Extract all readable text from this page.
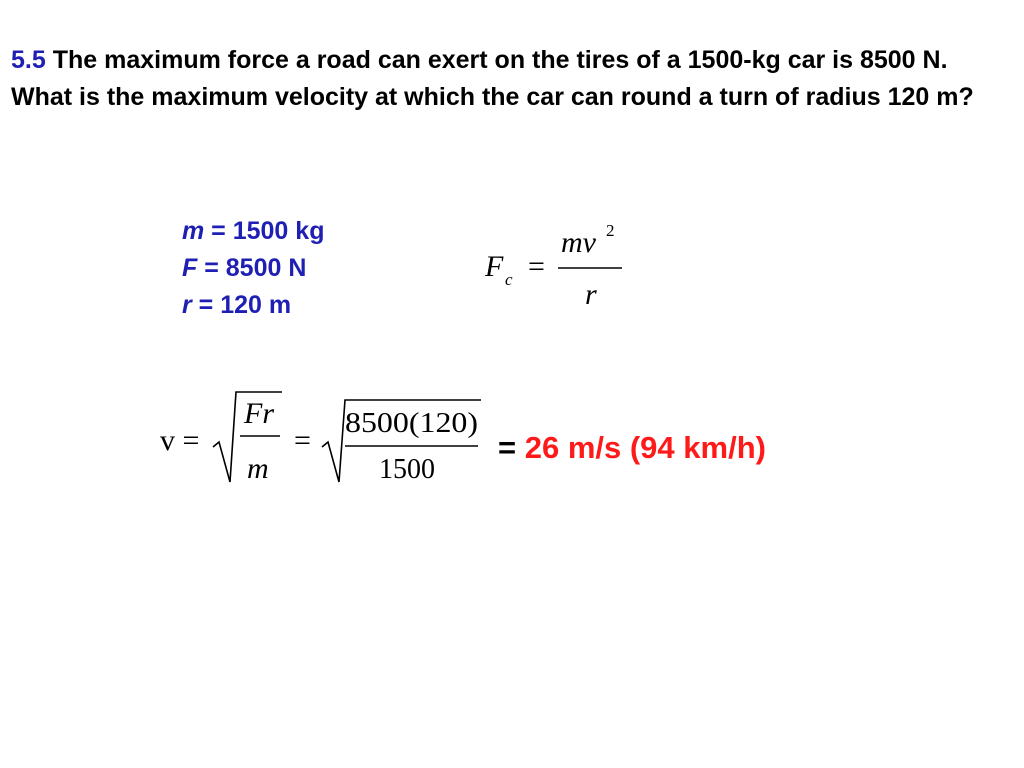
5.5 The maximum force a road can exert on the tires of a 1500-kg car is 8500 N. What is the maximum velocity at which the car can round a turn of radius 120 m?
m = 1500 kg
F = 8500 N
r = 120 m
F c =
mv 2
r
v =
Fr
m
=
8500(120)
1500
= 26 m/s (94 km/h)
